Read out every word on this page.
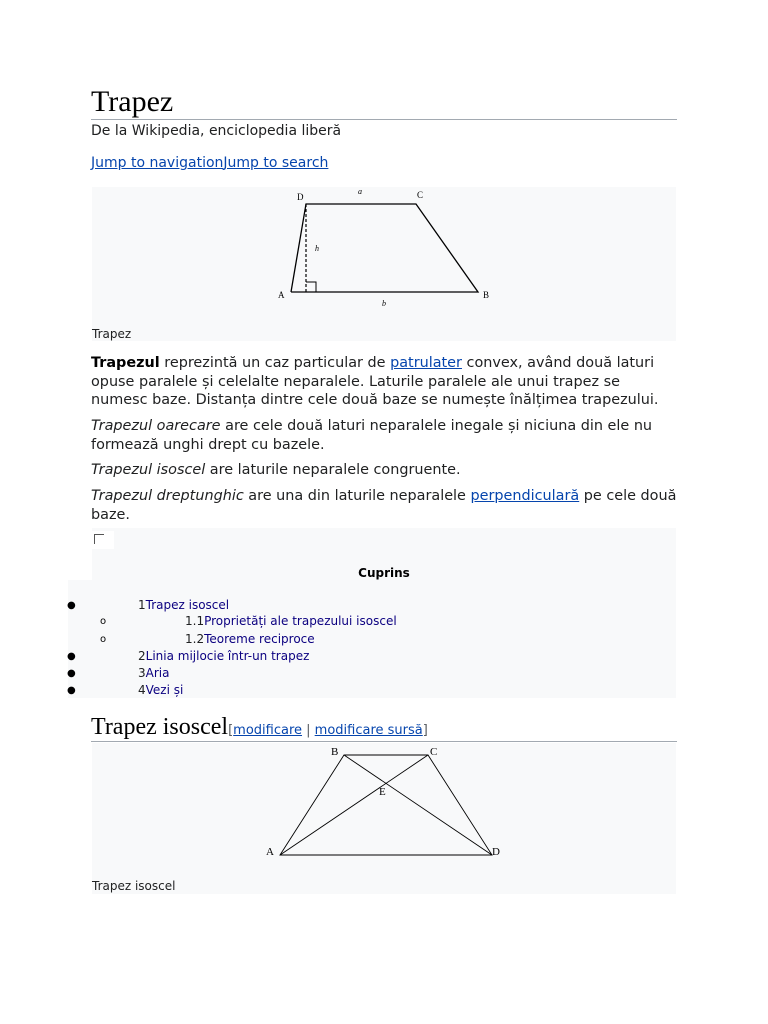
Trapez
De la Wikipedia, enciclopedia liberă
Jump to navigationJump to search
D	C
a
h
A	B
b
Trapez
Trapezul reprezintă un caz particular de patrulater convex, având două laturi opuse paralele și celelalte neparalele. Laturile paralele ale unui trapez se numesc baze. Distanța dintre cele două baze se numește înălțimea trapezului.
Trapezul oarecare are cele două laturi neparalele inegale și niciuna din ele nu formează unghi drept cu bazele.
Trapezul isoscel are laturile neparalele congruente.
Trapezul dreptunghic are una din laturile neparalele perpendiculară pe cele două baze.
Cuprins
●	1Trapez isoscel
o	1.1Proprietăți ale trapezului isoscel
o	1.2Teoreme reciproce
●	2Linia mijlocie într-un trapez
●	3Aria
●	4Vezi și
Trapez isoscel[modificare | modificare sursă]
B	C
E
A	D
Trapez isoscel
